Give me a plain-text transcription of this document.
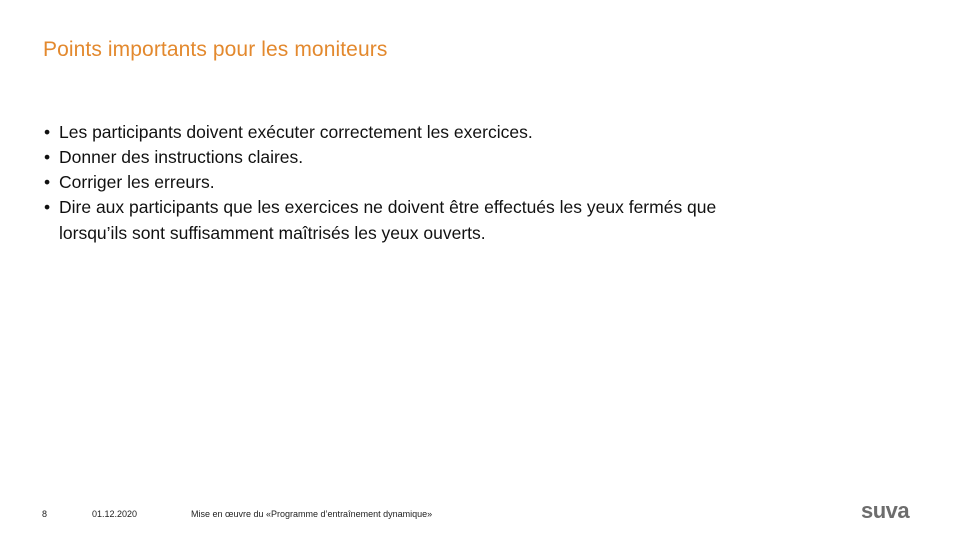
Points importants pour les moniteurs
• Les participants doivent exécuter correctement les exercices.
• Donner des instructions claires.
• Corriger les erreurs.
• Dire aux participants que les exercices ne doivent être effectués les yeux fermés que lorsqu’ils sont suffisamment maîtrisés les yeux ouverts.
8	01.12.2020	Mise en œuvre du «Programme d’entraînement dynamique»	suva
